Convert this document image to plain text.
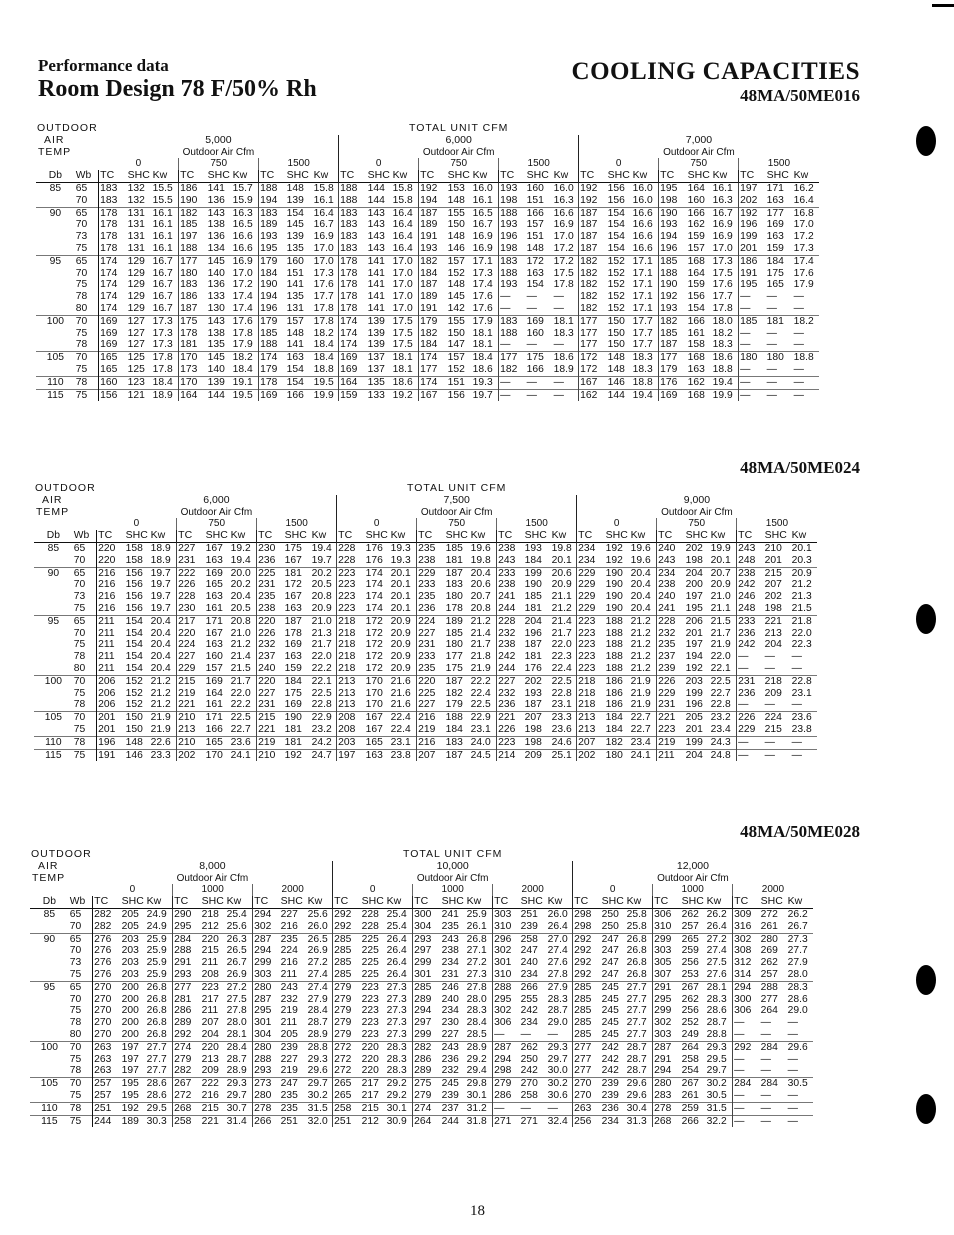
Performance data
Room Design 78 F/50% Rh
COOLING CAPACITIES
48MA/50ME016
48MA/50ME024
48MA/50ME028
OUTDOOR		TOTAL UNIT CFM																										
AIR		5,000									6,000									7,000								
TEMP		Outdoor Air Cfm									Outdoor Air Cfm									Outdoor Air Cfm								
		0			750			1500			0			750			1500			0			750			1500		
Db	Wb	TC	SHC	Kw	TC	SHC	Kw	TC	SHC	Kw	TC	SHC	Kw	TC	SHC	Kw	TC	SHC	Kw	TC	SHC	Kw	TC	SHC	Kw	TC	SHC	Kw
85	65	183	132	15.5	186	141	15.7	188	148	15.8	188	144	15.8	192	153	16.0	193	160	16.0	192	156	16.0	195	164	16.1	197	171	16.2
	70	183	132	15.5	190	136	15.9	194	139	16.1	188	144	15.8	194	148	16.1	198	151	16.3	192	156	16.0	198	160	16.3	202	163	16.4
90	65	178	131	16.1	182	143	16.3	183	154	16.4	183	143	16.4	187	155	16.5	188	166	16.6	187	154	16.6	190	166	16.7	192	177	16.8
	70	178	131	16.1	185	138	16.5	189	145	16.7	183	143	16.4	189	150	16.7	193	157	16.9	187	154	16.6	193	162	16.9	196	169	17.0
	73	178	131	16.1	197	136	16.6	193	139	16.9	183	143	16.4	191	148	16.9	196	151	17.0	187	154	16.6	194	159	16.9	199	163	17.2
	75	178	131	16.1	188	134	16.6	195	135	17.0	183	143	16.4	193	146	16.9	198	148	17.2	187	154	16.6	196	157	17.0	201	159	17.3
95	65	174	129	16.7	177	145	16.9	179	160	17.0	178	141	17.0	182	157	17.1	183	172	17.2	182	152	17.1	185	168	17.3	186	184	17.4
	70	174	129	16.7	180	140	17.0	184	151	17.3	178	141	17.0	184	152	17.3	188	163	17.5	182	152	17.1	188	164	17.5	191	175	17.6
	75	174	129	16.7	183	136	17.2	190	141	17.6	178	141	17.0	187	148	17.4	193	154	17.8	182	152	17.1	190	159	17.6	195	165	17.9
	78	174	129	16.7	186	133	17.4	194	135	17.7	178	141	17.0	189	145	17.6	—	—	—	182	152	17.1	192	156	17.7	—	—	—
	80	174	129	16.7	187	130	17.4	196	131	17.8	178	141	17.0	191	142	17.6	—	—	—	182	152	17.1	193	154	17.8	—	—	—
100	70	169	127	17.3	175	143	17.6	179	157	17.8	174	139	17.5	179	155	17.9	183	169	18.1	177	150	17.7	182	166	18.0	185	181	18.2
	75	169	127	17.3	178	138	17.8	185	148	18.2	174	139	17.5	182	150	18.1	188	160	18.3	177	150	17.7	185	161	18.2	—	—	—
	78	169	127	17.3	181	135	17.9	188	141	18.4	174	139	17.5	184	147	18.1	—	—	—	177	150	17.7	187	158	18.3	—	—	—
105	70	165	125	17.8	170	145	18.2	174	163	18.4	169	137	18.1	174	157	18.4	177	175	18.6	172	148	18.3	177	168	18.6	180	180	18.8
	75	165	125	17.8	173	140	18.4	179	154	18.8	169	137	18.1	177	152	18.6	182	166	18.9	172	148	18.3	179	163	18.8	—	—	—
110	78	160	123	18.4	170	139	19.1	178	154	19.5	164	135	18.6	174	151	19.3	—	—	—	167	146	18.8	176	162	19.4	—	—	—
115	75	156	121	18.9	164	144	19.5	169	166	19.9	159	133	19.2	167	156	19.7	—	—	—	162	144	19.4	169	168	19.9	—	—	—
OUTDOOR		TOTAL UNIT CFM																										
AIR		6,000									7,500									9,000								
TEMP		Outdoor Air Cfm									Outdoor Air Cfm									Outdoor Air Cfm								
		0			750			1500			0			750			1500			0			750			1500		
Db	Wb	TC	SHC	Kw	TC	SHC	Kw	TC	SHC	Kw	TC	SHC	Kw	TC	SHC	Kw	TC	SHC	Kw	TC	SHC	Kw	TC	SHC	Kw	TC	SHC	Kw
85	65	220	158	18.9	227	167	19.2	230	175	19.4	228	176	19.3	235	185	19.6	238	193	19.8	234	192	19.6	240	202	19.9	243	210	20.1
	70	220	158	18.9	231	163	19.4	236	167	19.7	228	176	19.3	238	181	19.8	243	184	20.1	234	192	19.6	243	198	20.1	248	201	20.3
90	65	216	156	19.7	222	169	20.0	225	181	20.2	223	174	20.1	229	187	20.4	233	199	20.6	229	190	20.4	234	204	20.7	238	215	20.9
	70	216	156	19.7	226	165	20.2	231	172	20.5	223	174	20.1	233	183	20.6	238	190	20.9	229	190	20.4	238	200	20.9	242	207	21.2
	73	216	156	19.7	228	163	20.4	235	167	20.8	223	174	20.1	235	180	20.7	241	185	21.1	229	190	20.4	240	197	21.0	246	202	21.3
	75	216	156	19.7	230	161	20.5	238	163	20.9	223	174	20.1	236	178	20.8	244	181	21.2	229	190	20.4	241	195	21.1	248	198	21.5
95	65	211	154	20.4	217	171	20.8	220	187	21.0	218	172	20.9	224	189	21.2	228	204	21.4	223	188	21.2	228	206	21.5	233	221	21.8
	70	211	154	20.4	220	167	21.0	226	178	21.3	218	172	20.9	227	185	21.4	232	196	21.7	223	188	21.2	232	201	21.7	236	213	22.0
	75	211	154	20.4	224	163	21.2	232	169	21.7	218	172	20.9	231	180	21.7	238	187	22.0	223	188	21.2	235	197	21.9	242	204	22.3
	78	211	154	20.4	227	160	21.4	237	163	22.0	218	172	20.9	233	177	21.8	242	181	22.3	223	188	21.2	237	194	22.0	—	—	—
	80	211	154	20.4	229	157	21.5	240	159	22.2	218	172	20.9	235	175	21.9	244	176	22.4	223	188	21.2	239	192	22.1	—	—	—
100	70	206	152	21.2	215	169	21.7	220	184	22.1	213	170	21.6	220	187	22.2	227	202	22.5	218	186	21.9	226	203	22.5	231	218	22.8
	75	206	152	21.2	219	164	22.0	227	175	22.5	213	170	21.6	225	182	22.4	232	193	22.8	218	186	21.9	229	199	22.7	236	209	23.1
	78	206	152	21.2	221	161	22.2	231	169	22.8	213	170	21.6	227	179	22.5	236	187	23.1	218	186	21.9	231	196	22.8	—	—	—
105	70	201	150	21.9	210	171	22.5	215	190	22.9	208	167	22.4	216	188	22.9	221	207	23.3	213	184	22.7	221	205	23.2	226	224	23.6
	75	201	150	21.9	213	166	22.7	221	181	23.2	208	167	22.4	219	184	23.1	226	198	23.6	213	184	22.7	223	201	23.4	229	215	23.8
110	78	196	148	22.6	210	165	23.6	219	181	24.2	203	165	23.1	216	183	24.0	223	198	24.6	207	182	23.4	219	199	24.3	—	—	—
115	75	191	146	23.3	202	170	24.1	210	192	24.7	197	163	23.8	207	187	24.5	214	209	25.1	202	180	24.1	211	204	24.8	—	—	—
OUTDOOR		TOTAL UNIT CFM																										
AIR		8,000									10,000									12,000								
TEMP		Outdoor Air Cfm									Outdoor Air Cfm									Outdoor Air Cfm								
		0			1000			2000			0			1000			2000			0			1000			2000		
Db	Wb	TC	SHC	Kw	TC	SHC	Kw	TC	SHC	Kw	TC	SHC	Kw	TC	SHC	Kw	TC	SHC	Kw	TC	SHC	Kw	TC	SHC	Kw	TC	SHC	Kw
85	65	282	205	24.9	290	218	25.4	294	227	25.6	292	228	25.4	300	241	25.9	303	251	26.0	298	250	25.8	306	262	26.2	309	272	26.2
	70	282	205	24.9	295	212	25.6	302	216	26.0	292	228	25.4	304	235	26.1	310	239	26.4	298	250	25.8	310	257	26.4	316	261	26.7
90	65	276	203	25.9	284	220	26.3	287	235	26.5	285	225	26.4	293	243	26.8	296	258	27.0	292	247	26.8	299	265	27.2	302	280	27.3
	70	276	203	25.9	288	215	26.5	294	224	26.9	285	225	26.4	297	238	27.1	302	247	27.4	292	247	26.8	303	259	27.4	308	269	27.7
	73	276	203	25.9	291	211	26.7	299	216	27.2	285	225	26.4	299	234	27.2	301	240	27.6	292	247	26.8	305	256	27.5	312	262	27.9
	75	276	203	25.9	293	208	26.9	303	211	27.4	285	225	26.4	301	231	27.3	310	234	27.8	292	247	26.8	307	253	27.6	314	257	28.0
95	65	270	200	26.8	277	223	27.2	280	243	27.4	279	223	27.3	285	246	27.8	288	266	27.9	285	245	27.7	291	267	28.1	294	288	28.3
	70	270	200	26.8	281	217	27.5	287	232	27.9	279	223	27.3	289	240	28.0	295	255	28.3	285	245	27.7	295	262	28.3	300	277	28.6
	75	270	200	26.8	286	211	27.8	295	219	28.4	279	223	27.3	294	234	28.3	302	242	28.7	285	245	27.7	299	256	28.6	306	264	29.0
	78	270	200	26.8	289	207	28.0	301	211	28.7	279	223	27.3	297	230	28.4	306	234	29.0	285	245	27.7	302	252	28.7	—	—	—
	80	270	200	26.8	292	204	28.1	304	205	28.9	279	223	27.3	299	227	28.5	—	—	—	285	245	27.7	303	249	28.8	—	—	—
100	70	263	197	27.7	274	220	28.4	280	239	28.8	272	220	28.3	282	243	28.9	287	262	29.3	277	242	28.7	287	264	29.3	292	284	29.6
	75	263	197	27.7	279	213	28.7	288	227	29.3	272	220	28.3	286	236	29.2	294	250	29.7	277	242	28.7	291	258	29.5	—	—	—
	78	263	197	27.7	282	209	28.9	293	219	29.6	272	220	28.3	289	232	29.4	298	242	30.0	277	242	28.7	294	254	29.7	—	—	—
105	70	257	195	28.6	267	222	29.3	273	247	29.7	265	217	29.2	275	245	29.8	279	270	30.2	270	239	29.6	280	267	30.2	284	284	30.5
	75	257	195	28.6	272	216	29.7	280	235	30.2	265	217	29.2	279	239	30.1	286	258	30.6	270	239	29.6	283	261	30.5	—	—	—
110	78	251	192	29.5	268	215	30.7	278	235	31.5	258	215	30.1	274	237	31.2	—	—	—	263	236	30.4	278	259	31.5	—	—	—
115	75	244	189	30.3	258	221	31.4	266	251	32.0	251	212	30.9	264	244	31.8	271	271	32.4	256	234	31.3	268	266	32.2	—	—	—
18
